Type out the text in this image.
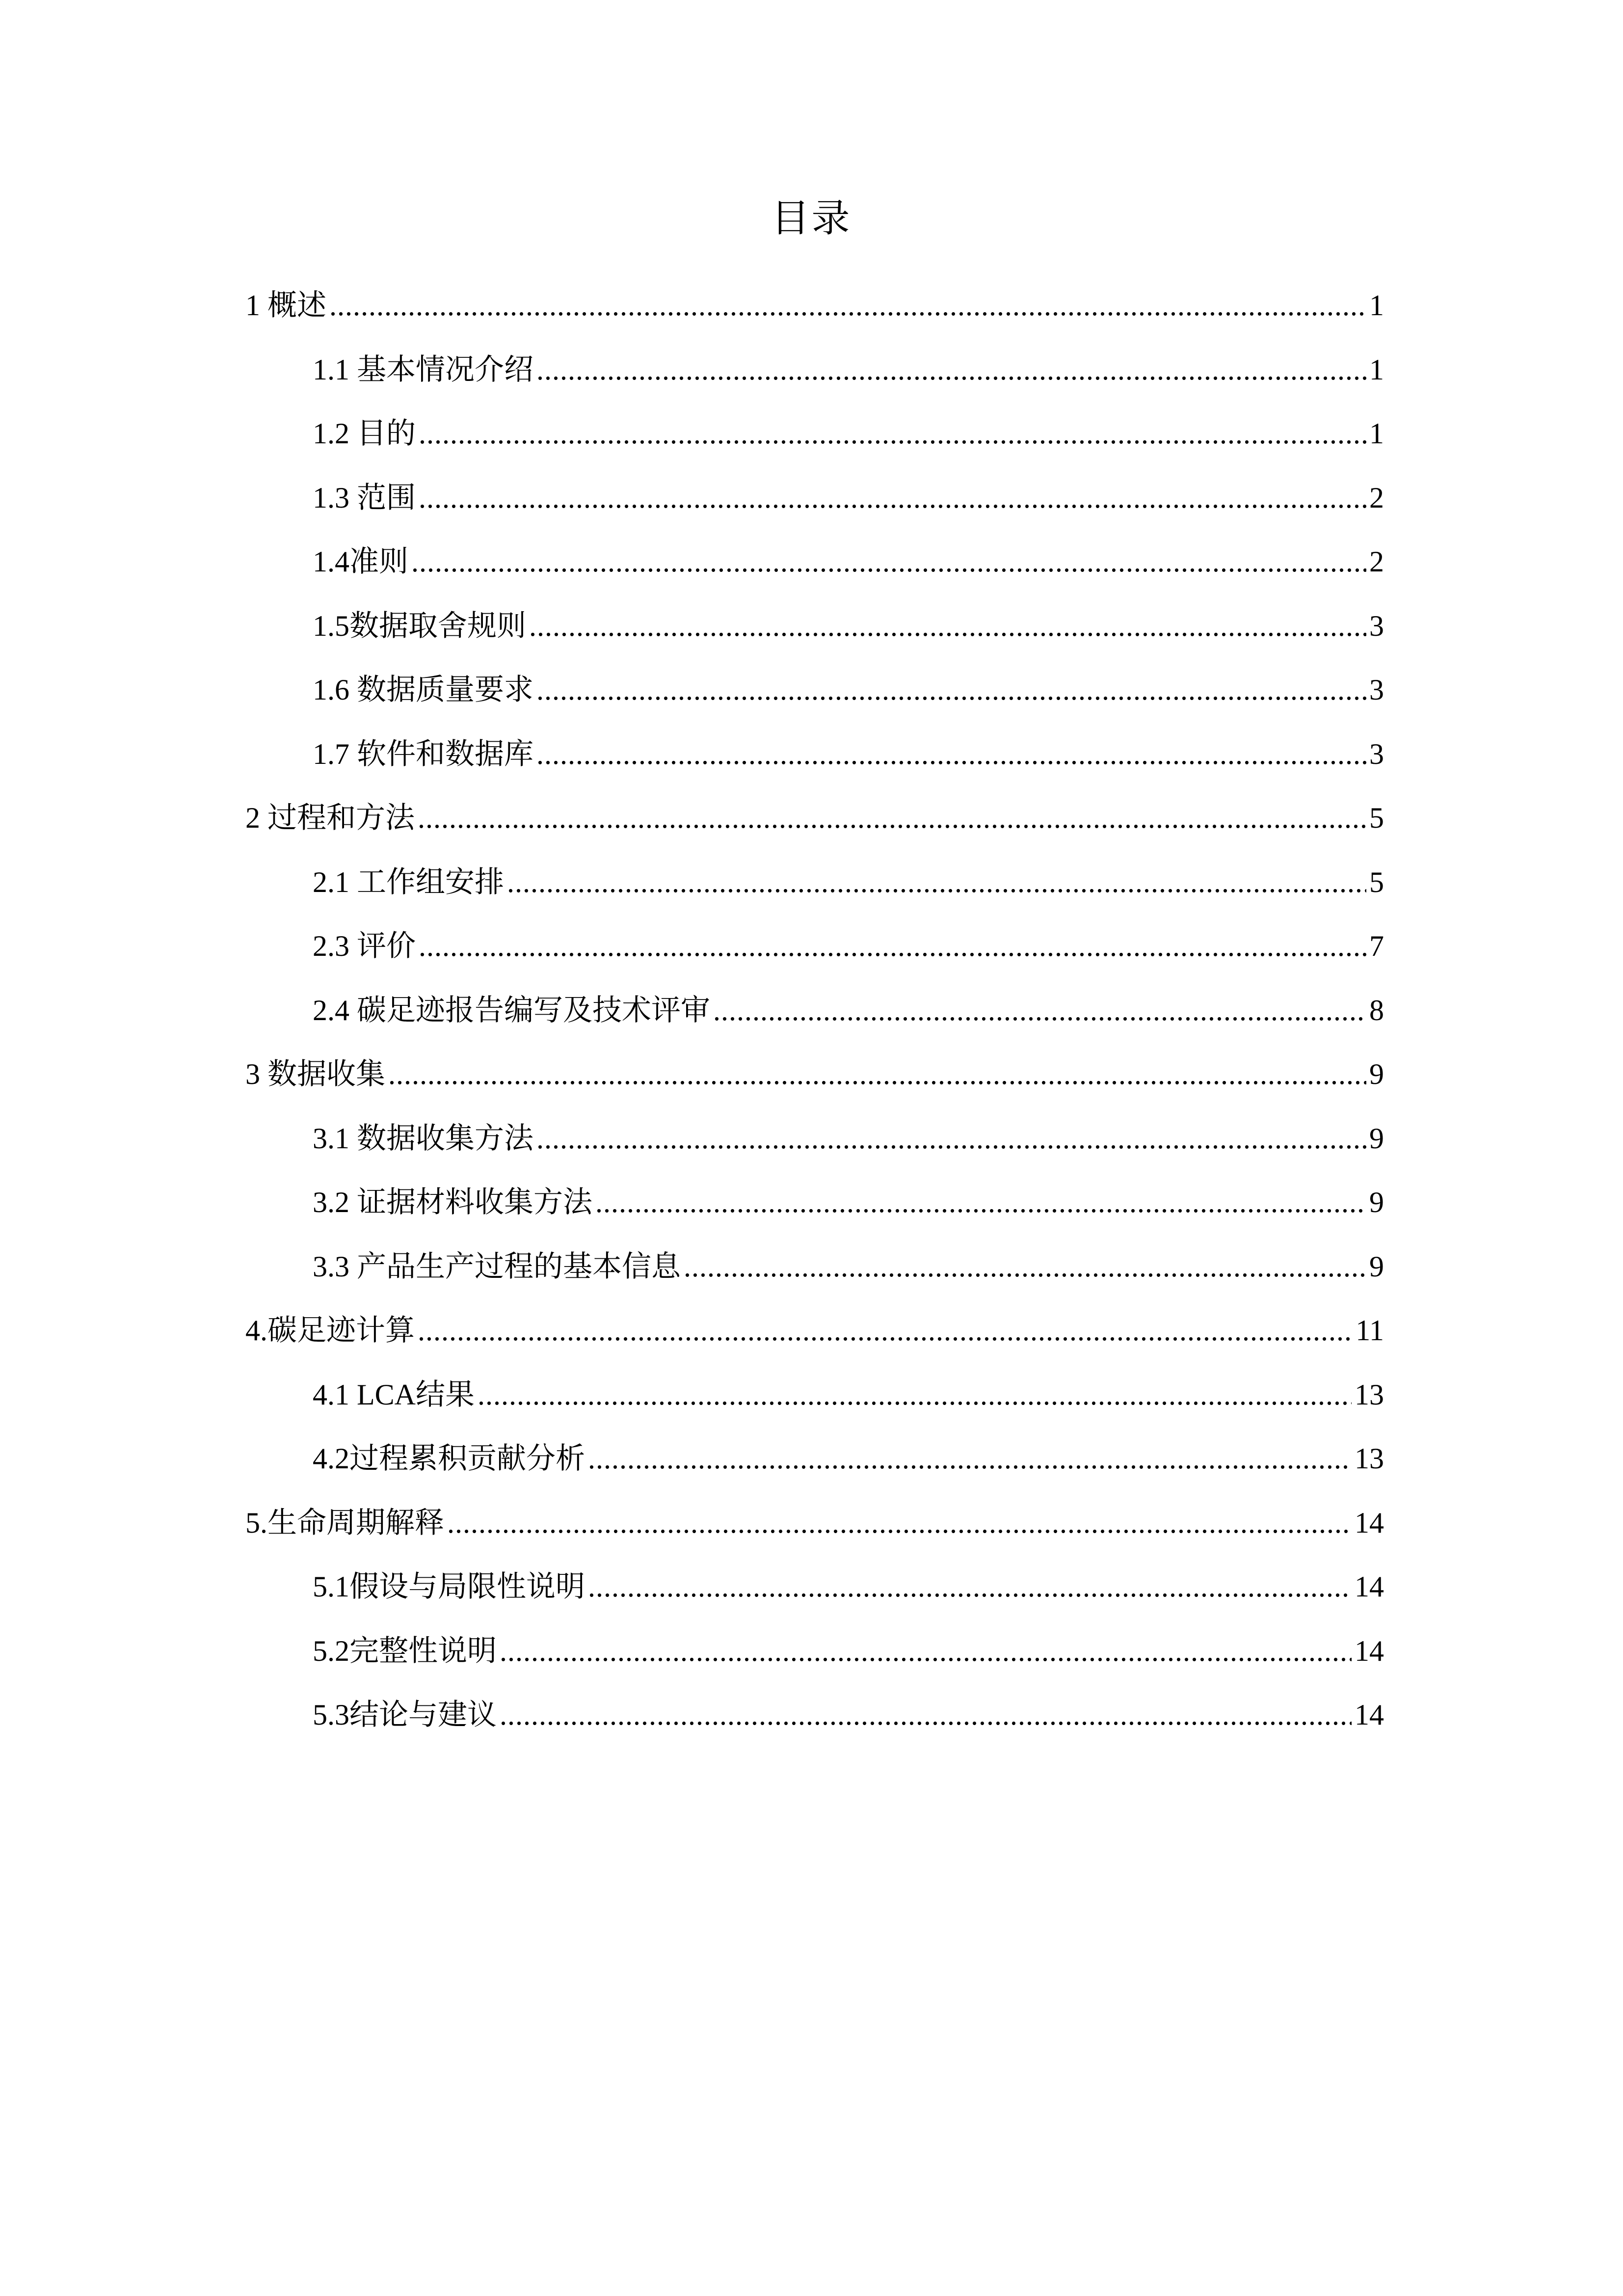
目录
1 概述 .....	1
1.1 基本情况介绍 .....	1
1.2 目的 .....	1
1.3 范围 .....	2
1.4准则 .....	2
1.5数据取舍规则 .....	3
1.6 数据质量要求 .....	3
1.7 软件和数据库 .....	3
2 过程和方法 .....	5
2.1 工作组安排 .....	5
2.3 评价 .....	7
2.4 碳足迹报告编写及技术评审 .....	8
3 数据收集 .....	9
3.1 数据收集方法 .....	9
3.2 证据材料收集方法 .....	9
3.3 产品生产过程的基本信息 .....	9
4.碳足迹计算 .....	11
4.1 LCA结果 .....	13
4.2过程累积贡献分析 .....	13
5.生命周期解释 .....	14
5.1假设与局限性说明 .....	14
5.2完整性说明 .....	14
5.3结论与建议 .....	14
